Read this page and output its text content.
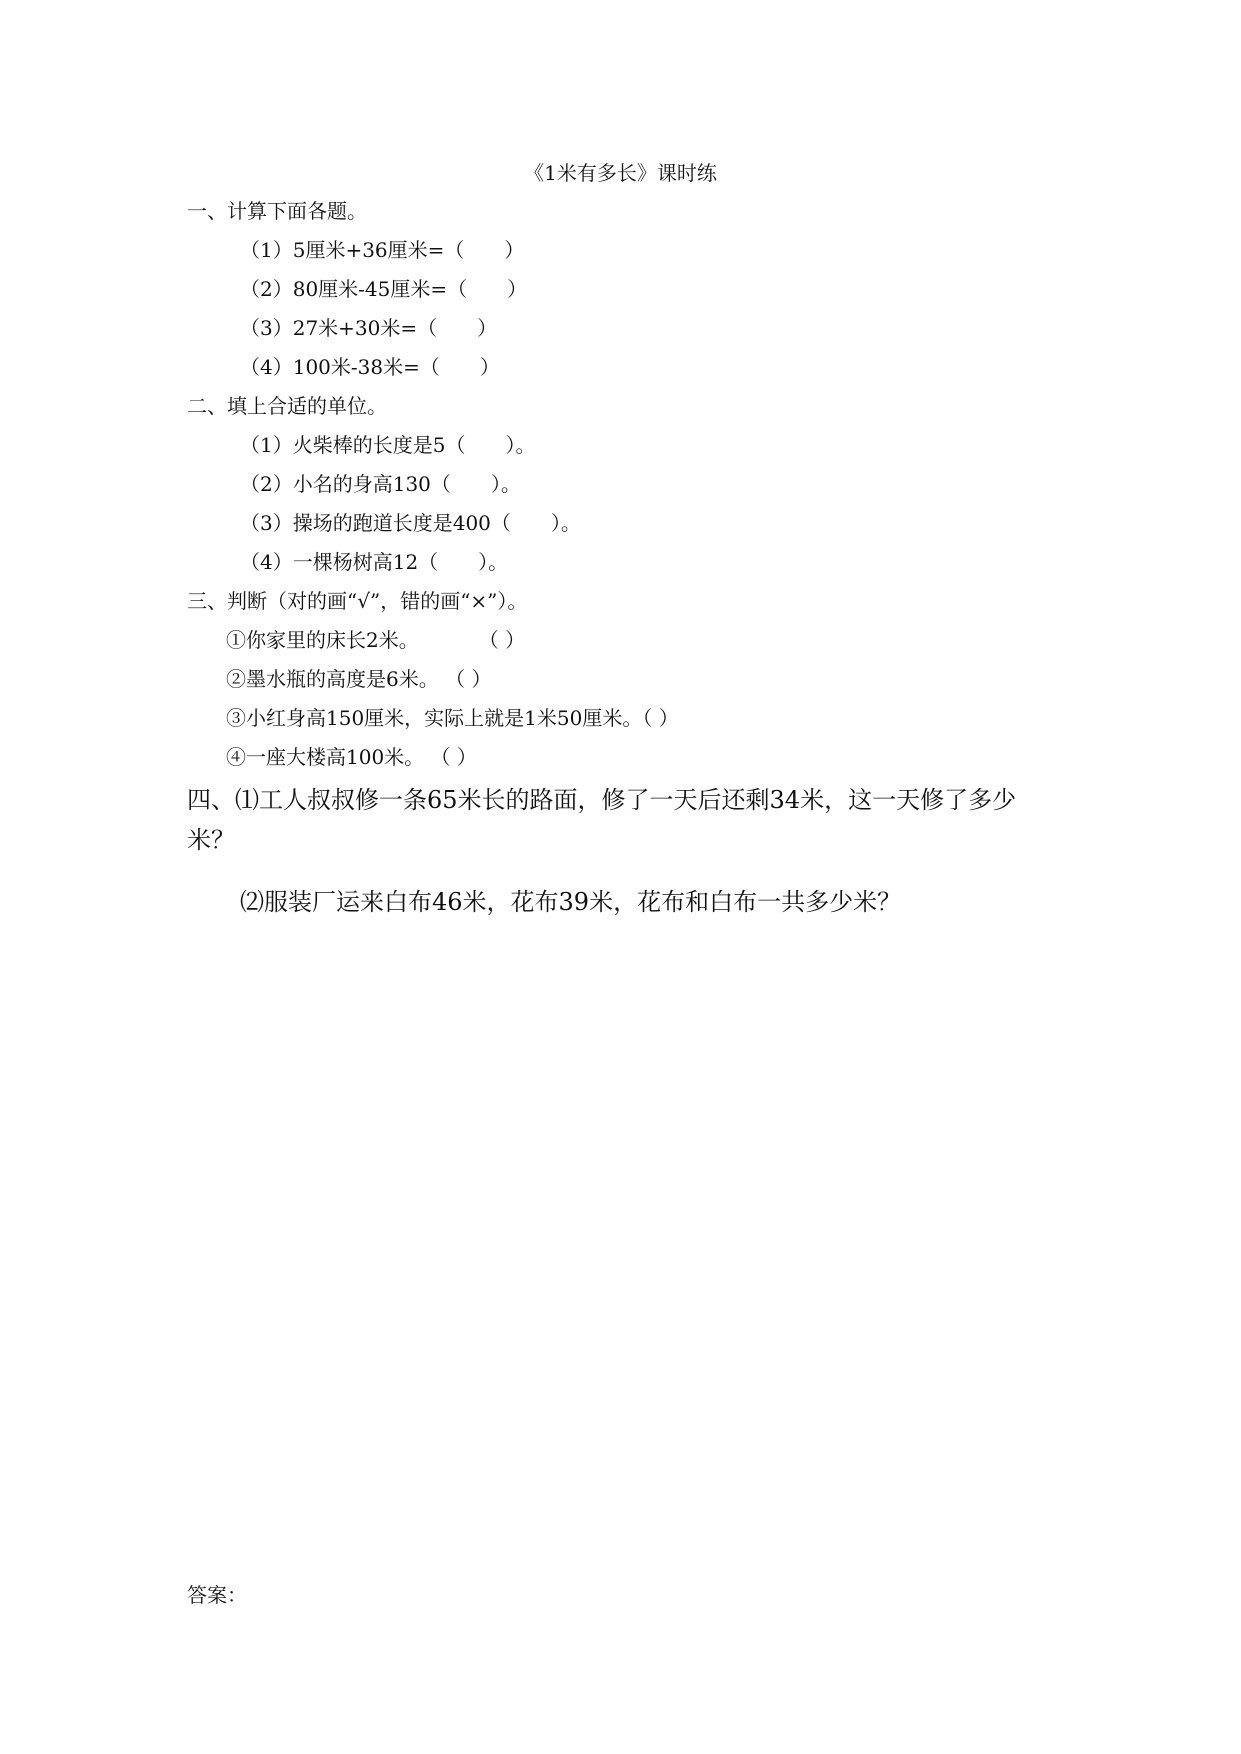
《1米有多长》课时练
一、计算下面各题。
（1）5厘米+36厘米=（　　）
（2）80厘米-45厘米=（　　）
（3）27米+30米=（　　）
（4）100米-38米=（　　）
二、填上合适的单位。
（1）火柴棒的长度是5（　　）。
（2）小名的身高130（　　）。
（3）操场的跑道长度是400（　　）。
（4）一棵杨树高12（　　）。
三、判断（对的画“√”，错的画“×”）。
①你家里的床长2米。　　　　（ ）
②墨水瓶的高度是6米。 （ ）
③小红身高150厘米，实际上就是1米50厘米。（ ）
④一座大楼高100米。 （ ）
四、⑴工人叔叔修一条65米长的路面，修了一天后还剩34米，这一天修了多少
米？
⑵服装厂运来白布46米，花布39米，花布和白布一共多少米？
答案：
